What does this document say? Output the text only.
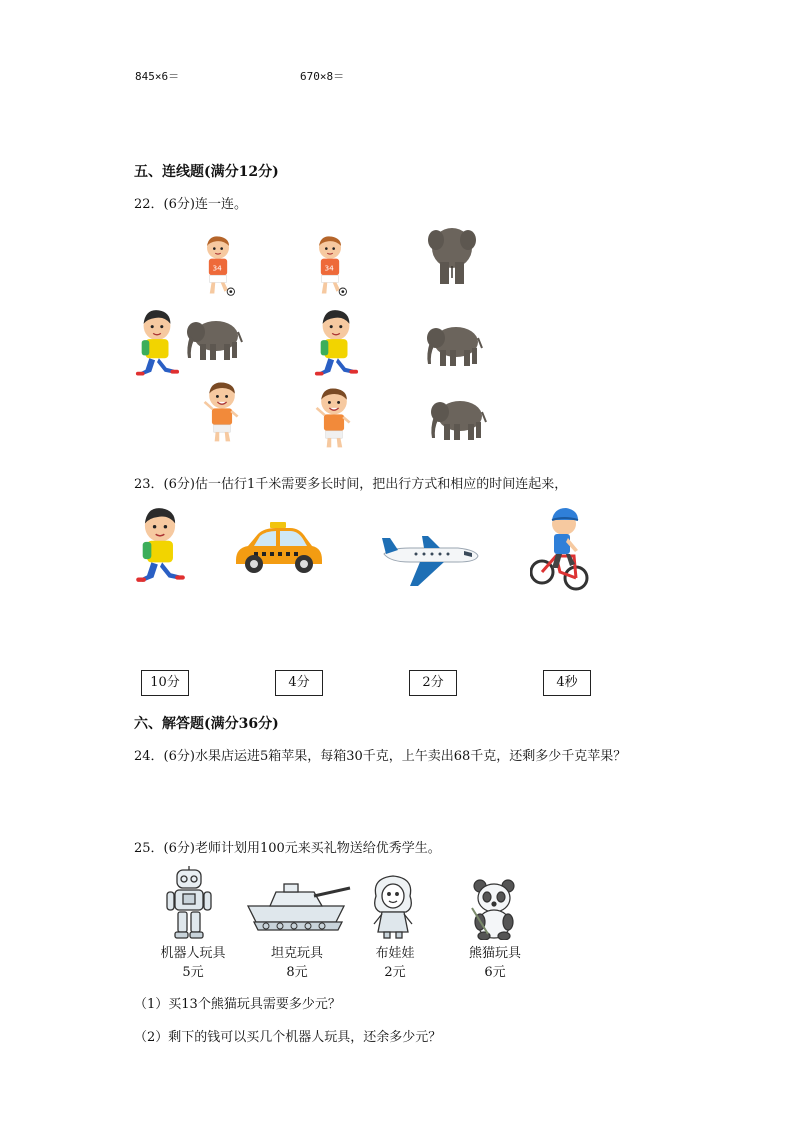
845×6＝	670×8＝
五、连线题(满分12分)
22．(6分)连一连。
23．(6分)估一估行1千米需要多长时间，把出行方式和相应的时间连起来，
10分	4分	2分	4秒
六、解答题(满分36分)
24．(6分)水果店运进5箱苹果，每箱30千克，上午卖出68千克，还剩多少千克苹果？
25．(6分)老师计划用100元来买礼物送给优秀学生。
机器人玩具
5元
坦克玩具
8元
布娃娃
2元
熊猫玩具
6元
（1）买13个熊猫玩具需要多少元？
（2）剩下的钱可以买几个机器人玩具，还余多少元？
